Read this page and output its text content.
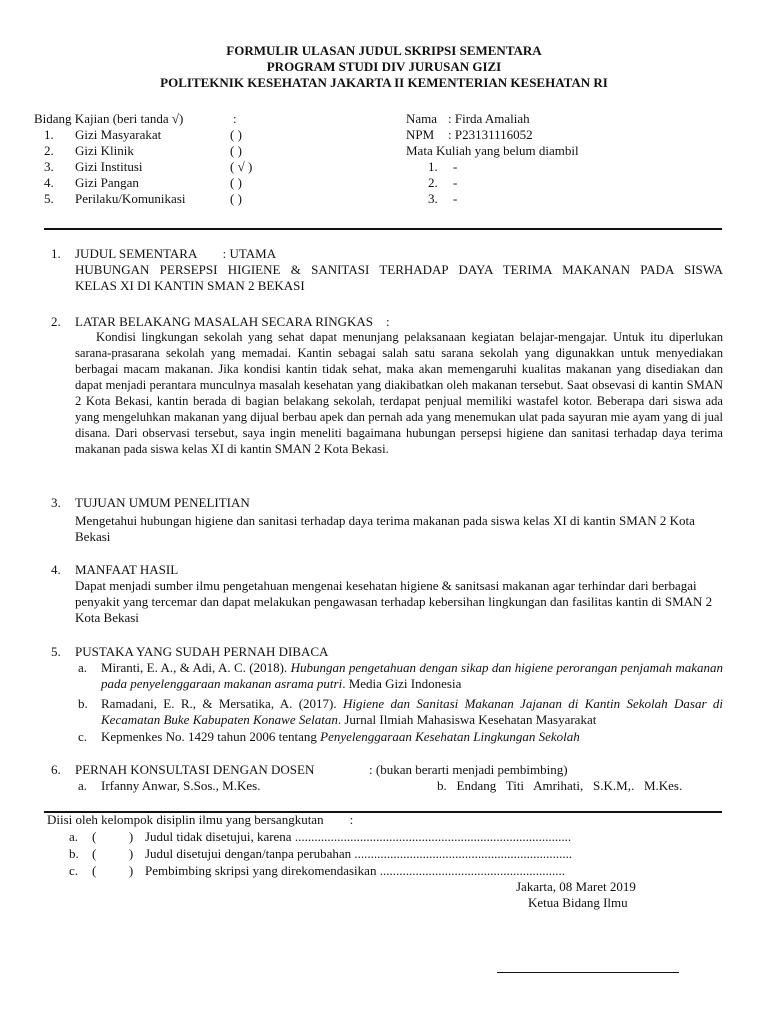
FORMULIR ULASAN JUDUL SKRIPSI SEMENTARA
PROGRAM STUDI DIV JURUSAN GIZI
POLITEKNIK KESEHATAN JAKARTA II KEMENTERIAN KESEHATAN RI
Bidang Kajian (beri tanda √)	:
1. Gizi Masyarakat	( )
2. Gizi Klinik	( )
3. Gizi Institusi	( √ )
4. Gizi Pangan	( )
5. Perilaku/Komunikasi	( )
Nama : Firda Amaliah
NPM : P23131116052
Mata Kuliah yang belum diambil
1. -
2. -
3. -
1. JUDUL SEMENTARA        : UTAMA
HUBUNGAN PERSEPSI HIGIENE & SANITASI TERHADAP DAYA TERIMA MAKANAN PADA SISWA
KELAS XI DI KANTIN SMAN 2 BEKASI
2. LATAR BELAKANG MASALAH SECARA RINGKAS    :
Kondisi lingkungan sekolah yang sehat dapat menunjang pelaksanaan kegiatan belajar-mengajar. Untuk itu diperlukan sarana-prasarana sekolah yang memadai. Kantin sebagai salah satu sarana sekolah yang digunakkan untuk menyediakan berbagai macam makanan. Jika kondisi kantin tidak sehat, maka akan memengaruhi kualitas makanan yang disediakan dan dapat menjadi perantara munculnya masalah kesehatan yang diakibatkan oleh makanan tersebut. Saat obsevasi di kantin SMAN 2 Kota Bekasi, kantin berada di bagian belakang sekolah, terdapat penjual memiliki wastafel kotor. Beberapa dari siswa ada yang mengeluhkan makanan yang dijual berbau apek dan pernah ada yang menemukan ulat pada sayuran mie ayam yang di jual disana. Dari observasi tersebut, saya ingin meneliti bagaimana hubungan persepsi higiene dan sanitasi terhadap daya terima makanan pada siswa kelas XI di kantin SMAN 2 Kota Bekasi.
3. TUJUAN UMUM PENELITIAN
Mengetahui hubungan higiene dan sanitasi terhadap daya terima makanan pada siswa kelas XI di kantin SMAN 2 Kota Bekasi
4. MANFAAT HASIL
Dapat menjadi sumber ilmu pengetahuan mengenai kesehatan higiene & sanitsasi makanan agar terhindar dari berbagai penyakit yang tercemar dan dapat melakukan pengawasan terhadap kebersihan lingkungan dan fasilitas kantin di SMAN 2 Kota Bekasi
5. PUSTAKA YANG SUDAH PERNAH DIBACA
a. Miranti, E. A., & Adi, A. C. (2018). Hubungan pengetahuan dengan sikap dan higiene perorangan penjamah makanan pada penyelenggaraan makanan asrama putri. Media Gizi Indonesia
b. Ramadani, E. R., & Mersatika, A. (2017). Higiene dan Sanitasi Makanan Jajanan di Kantin Sekolah Dasar di Kecamatan Buke Kabupaten Konawe Selatan. Jurnal Ilmiah Mahasiswa Kesehatan Masyarakat
c. Kepmenkes No. 1429 tahun 2006 tentang Penyelenggaraan Kesehatan Lingkungan Sekolah
6. PERNAH KONSULTASI DENGAN DOSEN	: (bukan berarti menjadi pembimbing)
a. Irfanny Anwar, S.Sos., M.Kes.	b.   Endang   Titi   Amrihati,   S.K.M,.   M.Kes.
Diisi oleh kelompok disiplin ilmu yang bersangkutan        :
a. (          ) Judul tidak disetujui, karena .....................................................................................
b. (          ) Judul disetujui dengan/tanpa perubahan ...................................................................
c. (          ) Pembimbing skripsi yang direkomendasikan .........................................................
Jakarta, 08 Maret 2019
Ketua Bidang Ilmu
